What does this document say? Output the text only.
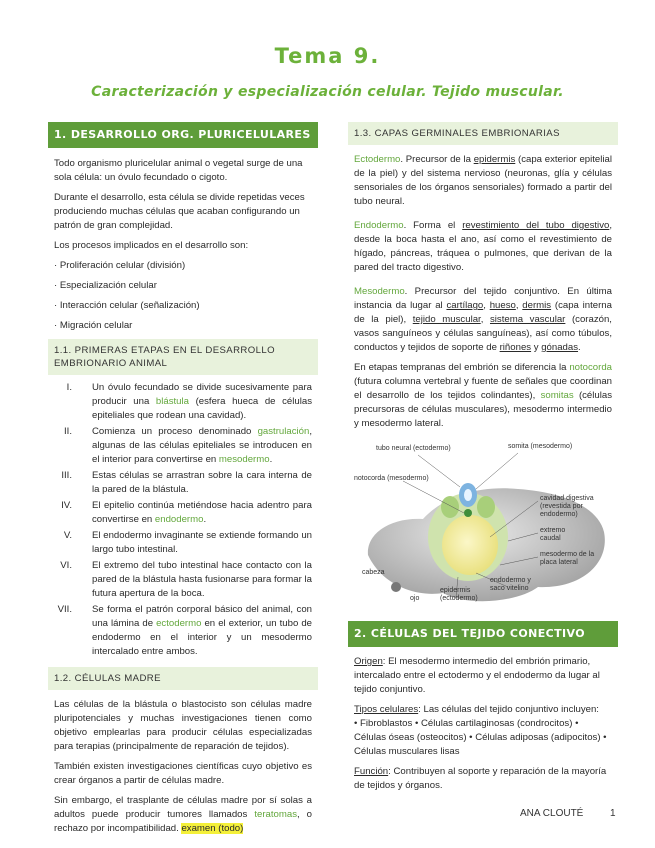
Tema 9.
Caracterización y especialización celular. Tejido muscular.
1. DESARROLLO ORG. PLURICELULARES

Todo organismo pluricelular animal o vegetal surge de una sola célula: un óvulo fecundado o cigoto.

Durante el desarrollo, esta célula se divide repetidas veces produciendo muchas células que acaban configurando un patrón de gran complejidad.

Los procesos implicados en el desarrollo son:

· Proliferación celular (división)

· Especialización celular

· Interacción celular (señalización)

· Migración celular

1.1. PRIMERAS ETAPAS EN EL DESARROLLO EMBRIONARIO ANIMAL
I. Un óvulo fecundado se divide sucesivamente para producir una blástula (esfera hueca de células epiteliales que rodean una cavidad).
II. Comienza un proceso denominado gastrulación, algunas de las células epiteliales se introducen en el interior para convertirse en mesodermo.
III. Estas células se arrastran sobre la cara interna de la pared de la blástula.
IV. El epitelio continúa metiéndose hacia adentro para convertirse en endodermo.
V. El endodermo invaginante se extiende formando un largo tubo intestinal.
VI. El extremo del tubo intestinal hace contacto con la pared de la blástula hasta fusionarse para formar la futura apertura de la boca.
VII. Se forma el patrón corporal básico del animal, con una lámina de ectodermo en el exterior, un tubo de endodermo en el interior y un mesodermo intercalado entre ambos.
1.2. CÉLULAS MADRE

Las células de la blástula o blastocisto son células madre pluripotenciales y muchas investigaciones tienen como objetivo emplearlas para producir células especializadas para terapias (principalmente de reparación de tejidos).

También existen investigaciones científicas cuyo objetivo es crear órganos a partir de células madre.

Sin embargo, el trasplante de células madre por sí solas a adultos puede producir tumores llamados teratomas, o rechazo por incompatibilidad. examen (todo)

1.3. CAPAS GERMINALES EMBRIONARIAS

Ectodermo. Precursor de la epidermis (capa exterior epitelial de la piel) y del sistema nervioso (neuronas, glía y células sensoriales de los órganos sensoriales) formado a partir del tubo neural.

Endodermo. Forma el revestimiento del tubo digestivo, desde la boca hasta el ano, así como el revestimiento de hígado, páncreas, tráquea o pulmones, que derivan de la pared del tracto digestivo.

Mesodermo. Precursor del tejido conjuntivo. En última instancia da lugar al cartílago, hueso, dermis (capa interna de la piel), tejido muscular, sistema vascular (corazón, vasos sanguíneos y células sanguíneas), así como túbulos, conductos y tejidos de soporte de riñones y gónadas.

En etapas tempranas del embrión se diferencia la notocorda (futura columna vertebral y fuente de señales que coordinan el desarrollo de los tejidos colindantes), somitas (células precursoras de células musculares), mesodermo intermedio y mesodermo lateral.

tubo neural (ectodermo)	somita (mesodermo)
notocorda (mesodermo)
cavidad digestiva (revestida por endodermo)
extremo caudal
mesodermo de la placa lateral
cabeza
ojo
epidermis (ectodermo)
endodermo y saco vitelino
2. CÉLULAS DEL TEJIDO CONECTIVO

Origen: El mesodermo intermedio del embrión primario, intercalado entre el ectodermo y el endodermo da lugar al tejido conjuntivo.

Tipos celulares: Las células del tejido conjuntivo incluyen:

• Fibroblastos • Células cartilaginosas (condrocitos) • Células óseas (osteocitos) • Células adiposas (adipocitos) • Células musculares lisas

Función: Contribuyen al soporte y reparación de la mayoría de tejidos y órganos.

ANA CLOUTÉ	1
